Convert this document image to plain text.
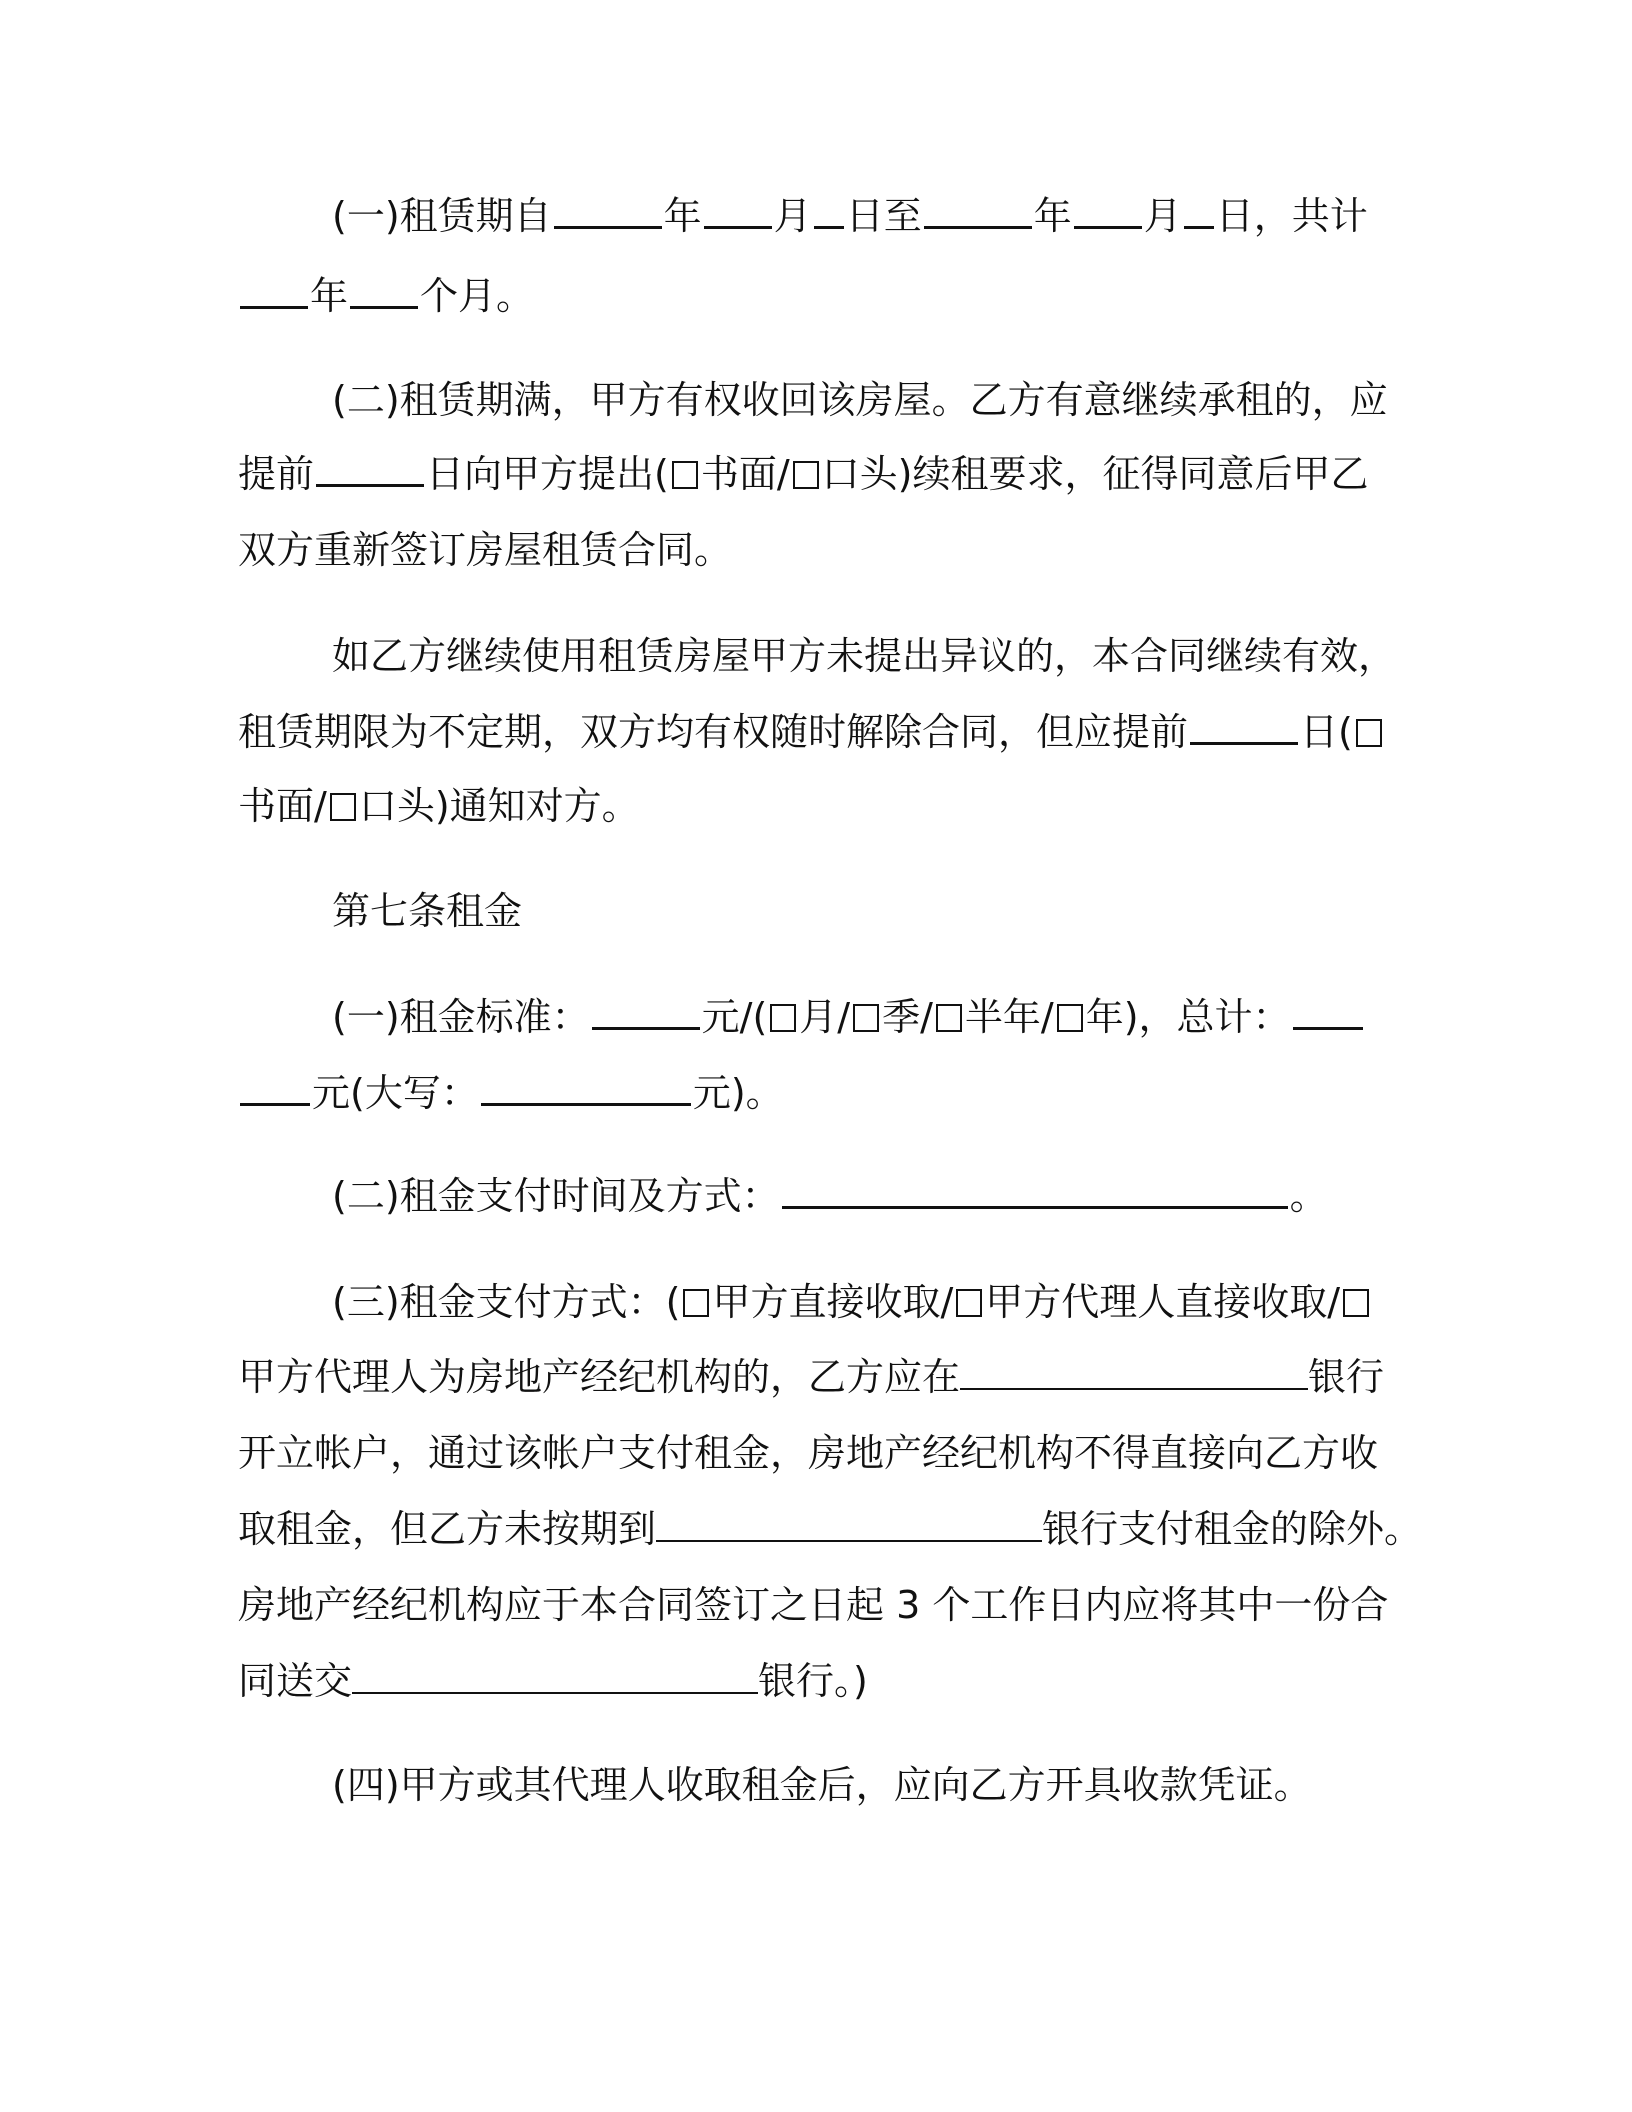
(一)租赁期自	年 月 日至	年 月 日，共计
年 个月。
(二)租赁期满，甲方有权收回该房屋。乙方有意继续承租的，应
提前	日向甲方提出( 书面/ 口头)续租要求，征得同意后甲乙
双方重新签订房屋租赁合同。
如乙方继续使用租赁房屋甲方未提出异议的，本合同继续有效，
租赁期限为不定期，双方均有权随时解除合同，但应提前	日(
书面/ 口头)通知对方。
第七条租金
(一)租金标准：	元/( 月/ 季/ 半年/ 年)，总计：
元(大写：	元)。
(二)租金支付时间及方式：	。
(三)租金支付方式：( 甲方直接收取/ 甲方代理人直接收取/
甲方代理人为房地产经纪机构的，乙方应在	银行
开立帐户，通过该帐户支付租金，房地产经纪机构不得直接向乙方收
取租金，但乙方未按期到	银行支付租金的除外。
房地产经纪机构应于本合同签订之日起 3 个工作日内应将其中一份合
同送交	银行。)
(四)甲方或其代理人收取租金后，应向乙方开具收款凭证。
